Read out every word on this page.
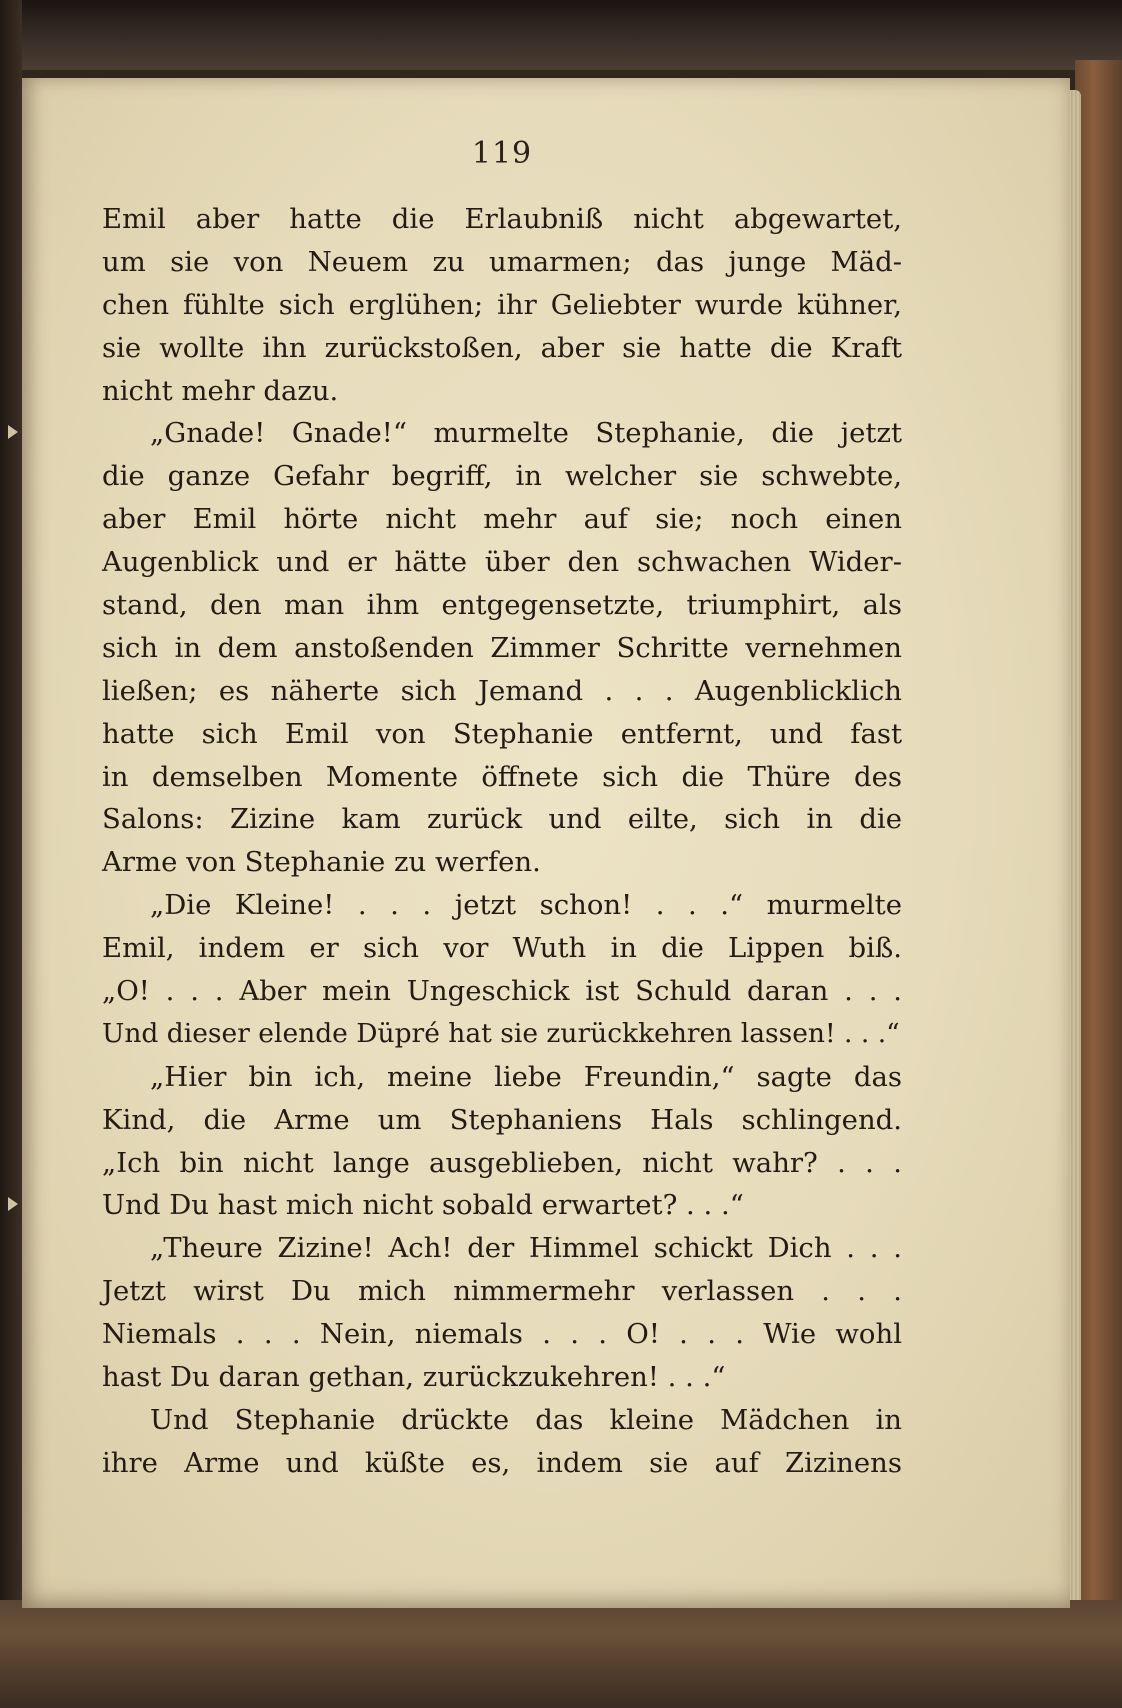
119
Emil aber hatte die Erlaubniß nicht abgewartet,
um sie von Neuem zu umarmen; das junge Mäd-
chen fühlte sich erglühen; ihr Geliebter wurde kühner,
sie wollte ihn zurückstoßen, aber sie hatte die Kraft
nicht mehr dazu.
„Gnade! Gnade!“ murmelte Stephanie, die jetzt
die ganze Gefahr begriff, in welcher sie schwebte,
aber Emil hörte nicht mehr auf sie; noch einen
Augenblick und er hätte über den schwachen Wider-
stand, den man ihm entgegensetzte, triumphirt, als
sich in dem anstoßenden Zimmer Schritte vernehmen
ließen; es näherte sich Jemand . . . Augenblicklich
hatte sich Emil von Stephanie entfernt, und fast
in demselben Momente öffnete sich die Thüre des
Salons: Zizine kam zurück und eilte, sich in die
Arme von Stephanie zu werfen.
„Die Kleine! . . . jetzt schon! . . .“ murmelte
Emil, indem er sich vor Wuth in die Lippen biß.
„O! . . . Aber mein Ungeschick ist Schuld daran . . .
Und dieser elende Düpré hat sie zurückkehren lassen! . . .“
„Hier bin ich, meine liebe Freundin,“ sagte das
Kind, die Arme um Stephaniens Hals schlingend.
„Ich bin nicht lange ausgeblieben, nicht wahr? . . .
Und Du hast mich nicht sobald erwartet? . . .“
„Theure Zizine! Ach! der Himmel schickt Dich . . .
Jetzt wirst Du mich nimmermehr verlassen . . .
Niemals . . . Nein, niemals . . . O! . . . Wie wohl
hast Du daran gethan, zurückzukehren! . . .“
Und Stephanie drückte das kleine Mädchen in
ihre Arme und küßte es, indem sie auf Zizinens
